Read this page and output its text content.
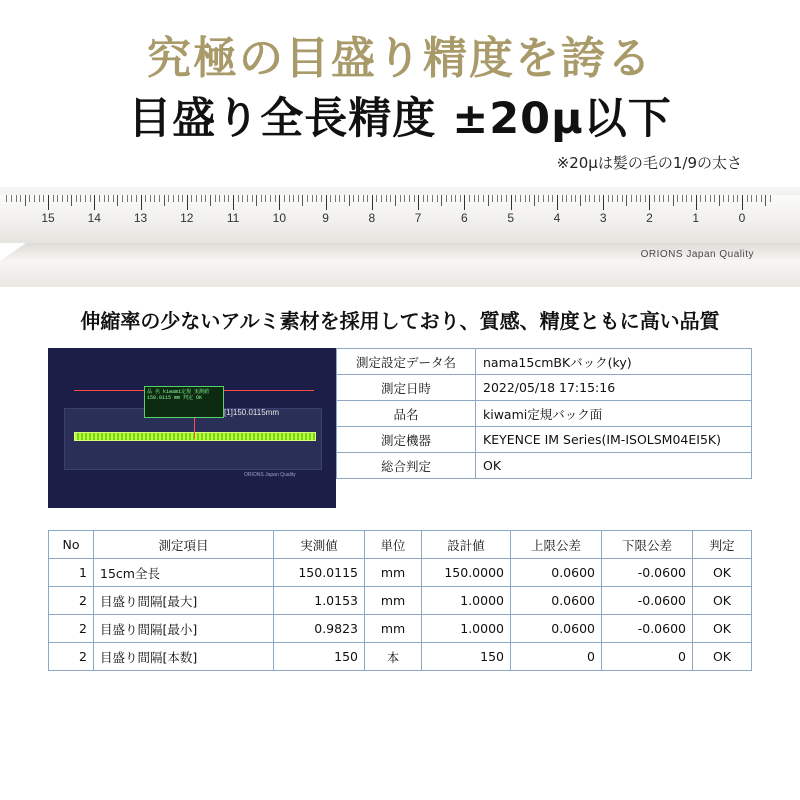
究極の目盛り精度を誇る
目盛り全長精度 ±20μ以下
※20μは髪の毛の1/9の太さ
15	14	13	12	11	10	9	8	7	6	5	4	3	2	1	0
ORIONS Japan Quality
伸縮率の少ないアルミ素材を採用しており、質感、精度ともに高い品質
品 名 kiwami定規 実測値 150.0115 mm 判定 OK
[1]150.0115mm
ORIONS Japan Quality
測定設定データ名	nama15cmBKバック(ky)
測定日時	2022/05/18 17:15:16
品名	kiwami定規バック面
測定機器	KEYENCE IM Series(IM-ISOLSM04EI5K)
総合判定	OK
No	測定項目	実測値	単位	設計値	上限公差	下限公差	判定
1	15cm全長	150.0115	mm	150.0000	0.0600	-0.0600	OK
2	目盛り間隔[最大]	1.0153	mm	1.0000	0.0600	-0.0600	OK
2	目盛り間隔[最小]	0.9823	mm	1.0000	0.0600	-0.0600	OK
2	目盛り間隔[本数]	150	本	150	0	0	OK
